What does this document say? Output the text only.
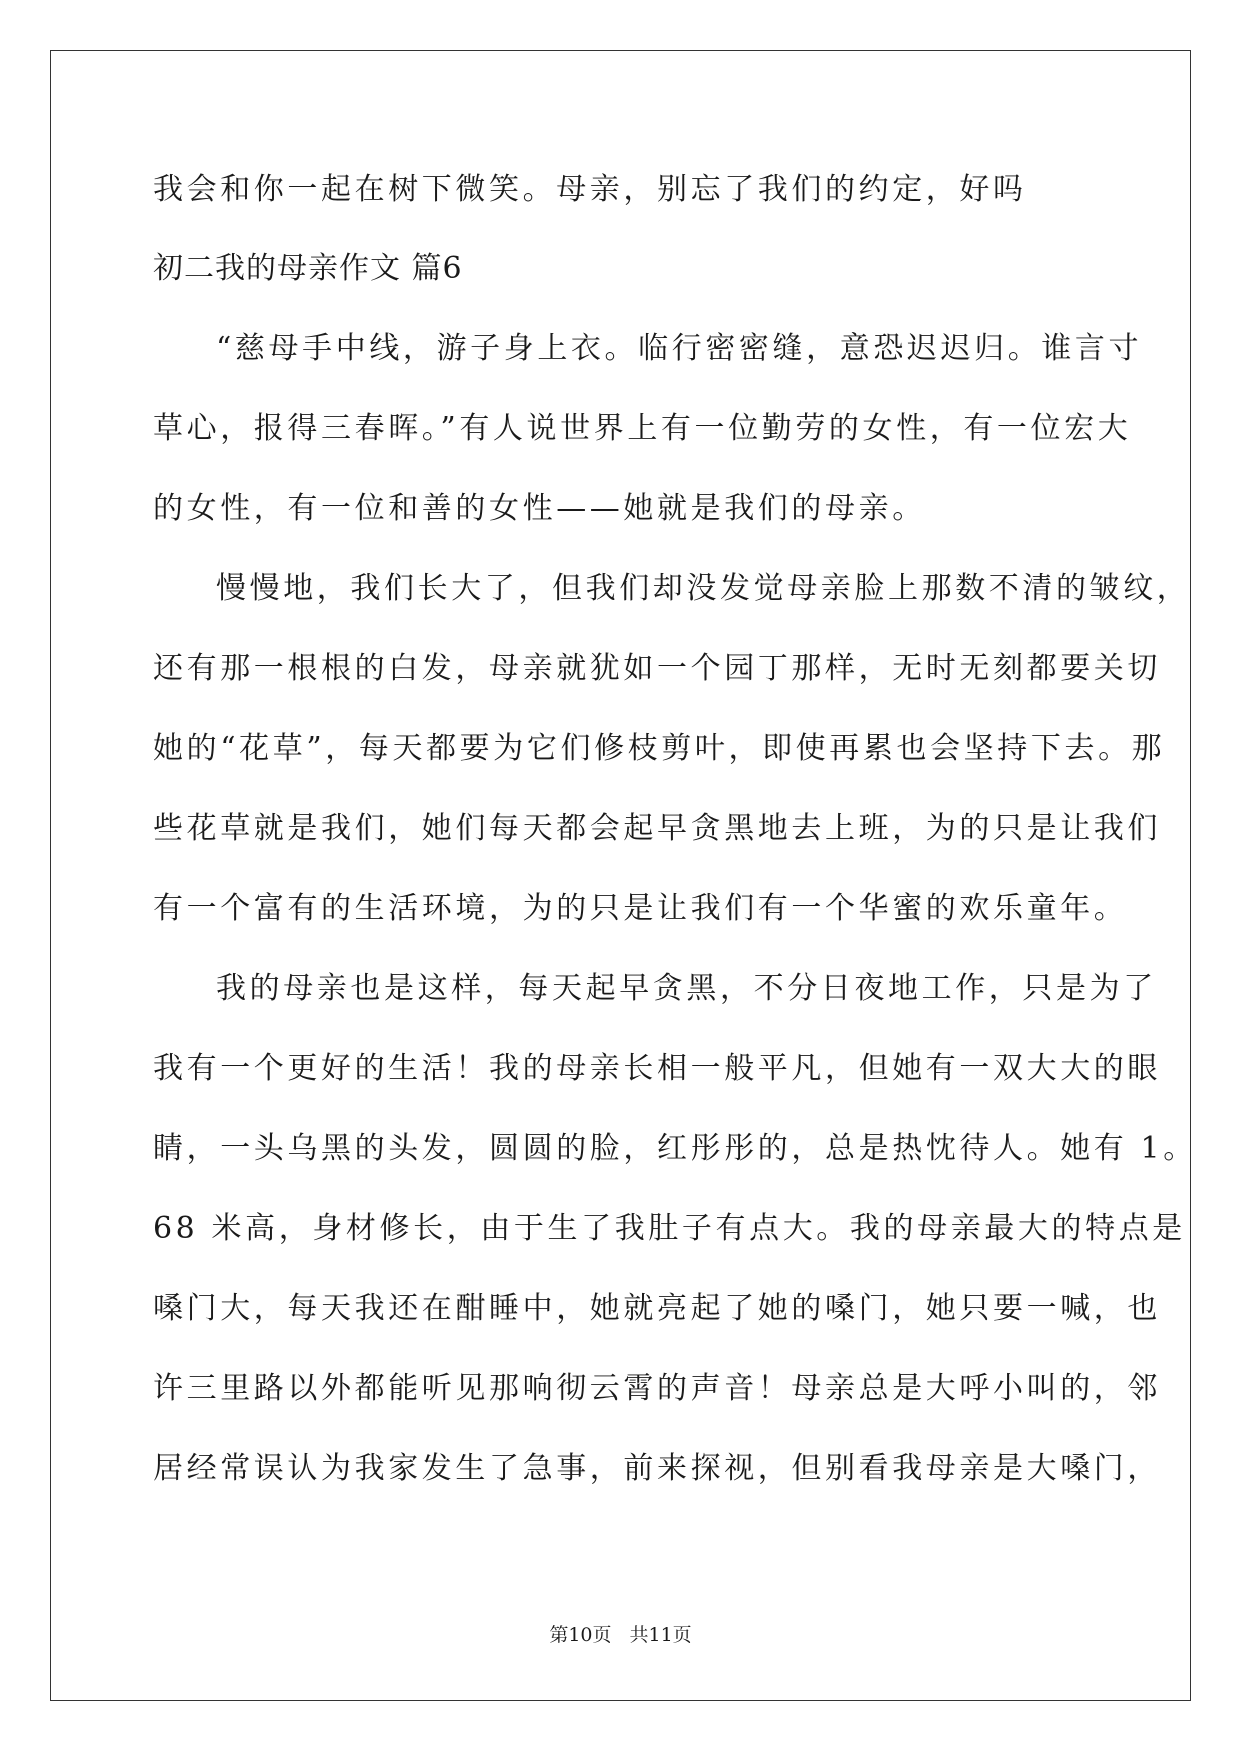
我会和你一起在树下微笑。母亲，别忘了我们的约定，好吗
初二我的母亲作文 篇6
“慈母手中线，游子身上衣。临行密密缝，意恐迟迟归。谁言寸
草心，报得三春晖。”有人说世界上有一位勤劳的女性，有一位宏大
的女性，有一位和善的女性——她就是我们的母亲。
慢慢地，我们长大了，但我们却没发觉母亲脸上那数不清的皱纹，
还有那一根根的白发，母亲就犹如一个园丁那样，无时无刻都要关切
她的“花草”，每天都要为它们修枝剪叶，即使再累也会坚持下去。那
些花草就是我们，她们每天都会起早贪黑地去上班，为的只是让我们
有一个富有的生活环境，为的只是让我们有一个华蜜的欢乐童年。
我的母亲也是这样，每天起早贪黑，不分日夜地工作，只是为了
我有一个更好的生活！我的母亲长相一般平凡，但她有一双大大的眼
睛，一头乌黑的头发，圆圆的脸，红彤彤的，总是热忱待人。她有 1。
68 米高，身材修长，由于生了我肚子有点大。我的母亲最大的特点是
嗓门大，每天我还在酣睡中，她就亮起了她的嗓门，她只要一喊，也
许三里路以外都能听见那响彻云霄的声音！母亲总是大呼小叫的，邻
居经常误认为我家发生了急事，前来探视，但别看我母亲是大嗓门，
第10页 共11页
